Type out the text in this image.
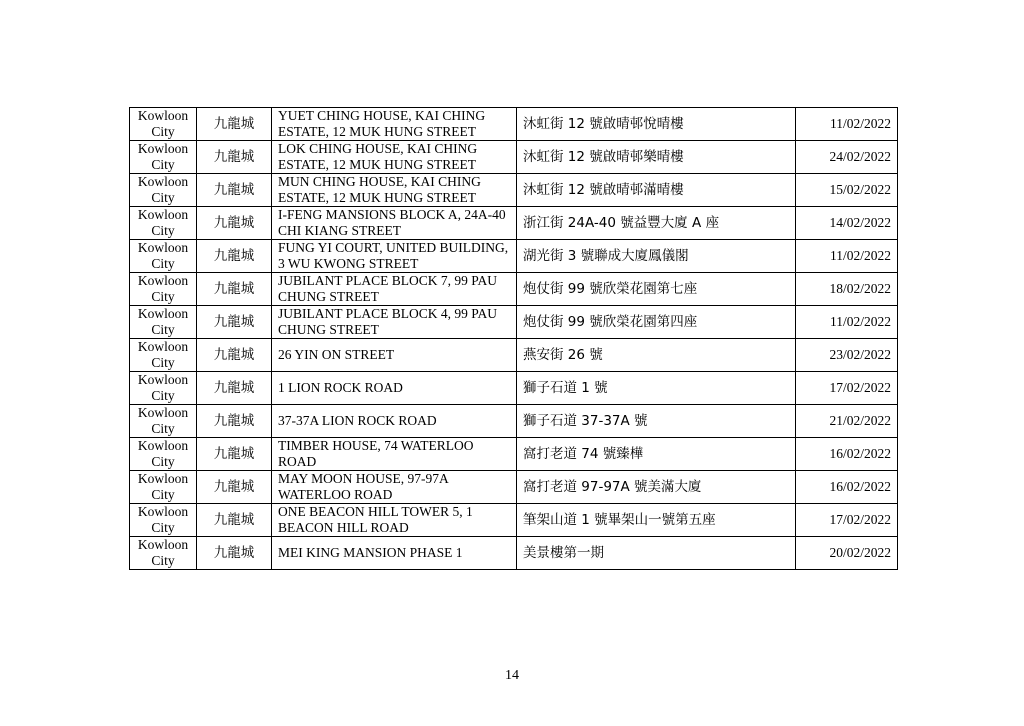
Kowloon City	九龍城	YUET CHING HOUSE, KAI CHING ESTATE, 12 MUK HUNG STREET	沐虹街 12 號啟晴邨悅晴樓	11/02/2022
Kowloon City	九龍城	LOK CHING HOUSE, KAI CHING ESTATE, 12 MUK HUNG STREET	沐虹街 12 號啟晴邨樂晴樓	24/02/2022
Kowloon City	九龍城	MUN CHING HOUSE, KAI CHING ESTATE, 12 MUK HUNG STREET	沐虹街 12 號啟晴邨滿晴樓	15/02/2022
Kowloon City	九龍城	I-FENG MANSIONS BLOCK A, 24A-40 CHI KIANG STREET	浙江街 24A-40 號益豐大廈 A 座	14/02/2022
Kowloon City	九龍城	FUNG YI COURT, UNITED BUILDING, 3 WU KWONG STREET	湖光街 3 號聯成大廈鳳儀閣	11/02/2022
Kowloon City	九龍城	JUBILANT PLACE BLOCK 7, 99 PAU CHUNG STREET	炮仗街 99 號欣榮花園第七座	18/02/2022
Kowloon City	九龍城	JUBILANT PLACE BLOCK 4, 99 PAU CHUNG STREET	炮仗街 99 號欣榮花園第四座	11/02/2022
Kowloon City	九龍城	26 YIN ON STREET	燕安街 26 號	23/02/2022
Kowloon City	九龍城	1 LION ROCK ROAD	獅子石道 1 號	17/02/2022
Kowloon City	九龍城	37-37A LION ROCK ROAD	獅子石道 37-37A 號	21/02/2022
Kowloon City	九龍城	TIMBER HOUSE, 74 WATERLOO ROAD	窩打老道 74 號臻樺	16/02/2022
Kowloon City	九龍城	MAY MOON HOUSE, 97-97A WATERLOO ROAD	窩打老道 97-97A 號美滿大廈	16/02/2022
Kowloon City	九龍城	ONE BEACON HILL TOWER 5, 1 BEACON HILL ROAD	筆架山道 1 號畢架山一號第五座	17/02/2022
Kowloon City	九龍城	MEI KING MANSION PHASE 1	美景樓第一期	20/02/2022
14
